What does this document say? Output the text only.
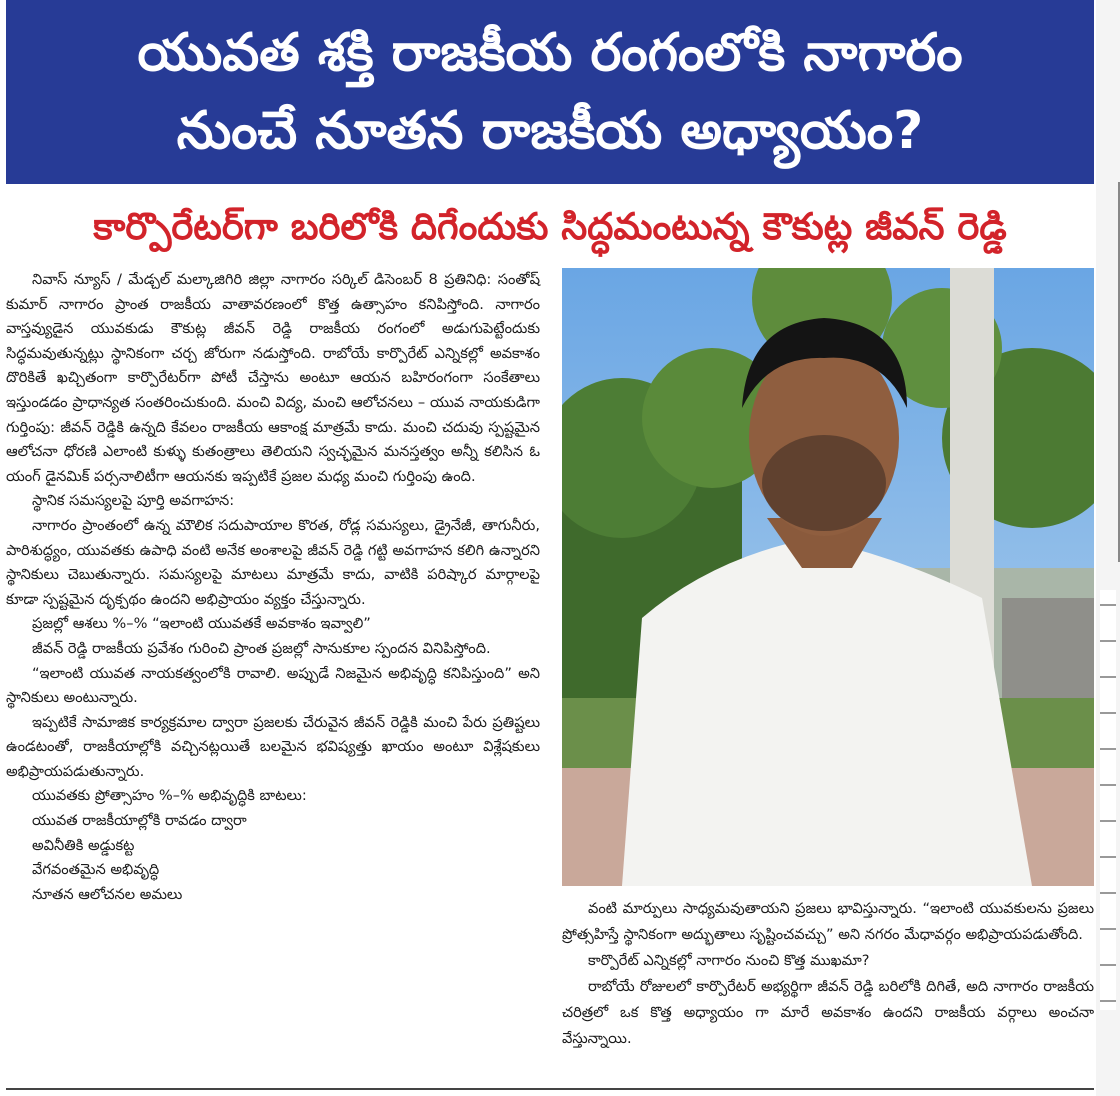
యువత శక్తి రాజకీయ రంగంలోకి నాగారం
నుంచే నూతన రాజకీయ అధ్యాయం?
కార్పొరేటర్‌గా బరిలోకి దిగేందుకు సిద్ధమంటున్న కౌకుట్ల జీవన్ రెడ్డి

నివాస్ న్యూస్ / మేడ్చల్ మల్కాజిగిరి జిల్లా నాగారం సర్కిల్ డిసెంబర్ 8 ప్రతినిధి: సంతోష్ కుమార్ నాగారం ప్రాంత రాజకీయ వాతావరణంలో కొత్త ఉత్సాహం కనిపిస్తోంది. నాగారం వాస్తవ్యుడైన యువకుడు కౌకుట్ల జీవన్ రెడ్డి రాజకీయ రంగంలో అడుగుపెట్టేందుకు సిద్ధమవుతున్నట్లు స్థానికంగా చర్చ జోరుగా నడుస్తోంది. రాబోయే కార్పొరేట్ ఎన్నికల్లో అవకాశం దొరికితే ఖచ్చితంగా కార్పొరేటర్‌గా పోటీ చేస్తాను అంటూ ఆయన బహిరంగంగా సంకేతాలు ఇస్తుండడం ప్రాధాన్యత సంతరించుకుంది. మంచి విద్య, మంచి ఆలోచనలు – యువ నాయకుడిగా గుర్తింపు: జీవన్ రెడ్డికి ఉన్నది కేవలం రాజకీయ ఆకాంక్ష మాత్రమే కాదు. మంచి చదువు స్పష్టమైన ఆలోచనా ధోరణి ఎలాంటి కుళ్ళు కుతంత్రాలు తెలియని స్వచ్ఛమైన మనస్తత్వం అన్నీ కలిసిన ఓ యంగ్ డైనమిక్ పర్సనాలిటీగా ఆయనకు ఇప్పటికే ప్రజల మధ్య మంచి గుర్తింపు ఉంది.

స్థానిక సమస్యలపై పూర్తి అవగాహన:

నాగారం ప్రాంతంలో ఉన్న మౌలిక సదుపాయాల కొరత, రోడ్ల సమస్యలు, డ్రైనేజీ, తాగునీరు, పారిశుద్ధ్యం, యువతకు ఉపాధి వంటి అనేక అంశాలపై జీవన్ రెడ్డి గట్టి అవగాహన కలిగి ఉన్నారని స్థానికులు చెబుతున్నారు. సమస్యలపై మాటలు మాత్రమే కాదు, వాటికి పరిష్కార మార్గాలపై కూడా స్పష్టమైన దృక్పథం ఉందని అభిప్రాయం వ్యక్తం చేస్తున్నారు.

ప్రజల్లో ఆశలు %–% “ఇలాంటి యువతకే అవకాశం ఇవ్వాలి”

జీవన్ రెడ్డి రాజకీయ ప్రవేశం గురించి ప్రాంత ప్రజల్లో సానుకూల స్పందన వినిపిస్తోంది.

“ఇలాంటి యువత నాయకత్వంలోకి రావాలి. అప్పుడే నిజమైన అభివృద్ధి కనిపిస్తుంది” అని స్థానికులు అంటున్నారు.

ఇప్పటికే సామాజిక కార్యక్రమాల ద్వారా ప్రజలకు చేరువైన జీవన్ రెడ్డికి మంచి పేరు ప్రతిష్టలు ఉండటంతో, రాజకీయాల్లోకి వచ్చినట్లయితే బలమైన భవిష్యత్తు ఖాయం అంటూ విశ్లేషకులు అభిప్రాయపడుతున్నారు.

యువతకు ప్రోత్సాహం %–% అభివృద్ధికి బాటలు:

యువత రాజకీయాల్లోకి రావడం ద్వారా

అవినీతికి అడ్డుకట్ట

వేగవంతమైన అభివృద్ధి

నూతన ఆలోచనల అమలు

వంటి మార్పులు సాధ్యమవుతాయని ప్రజలు భావిస్తున్నారు. “ఇలాంటి యువకులను ప్రజలు ప్రోత్సహిస్తే స్థానికంగా అద్భుతాలు సృష్టించవచ్చు” అని నగరం మేధావర్గం అభిప్రాయపడుతోంది.

కార్పొరేట్ ఎన్నికల్లో నాగారం నుంచి కొత్త ముఖమా?

రాబోయే రోజులలో కార్పొరేటర్ అభ్యర్థిగా జీవన్ రెడ్డి బరిలోకి దిగితే, అది నాగారం రాజకీయ చరిత్రలో ఒక కొత్త అధ్యాయం గా మారే అవకాశం ఉందని రాజకీయ వర్గాలు అంచనా వేస్తున్నాయి.
